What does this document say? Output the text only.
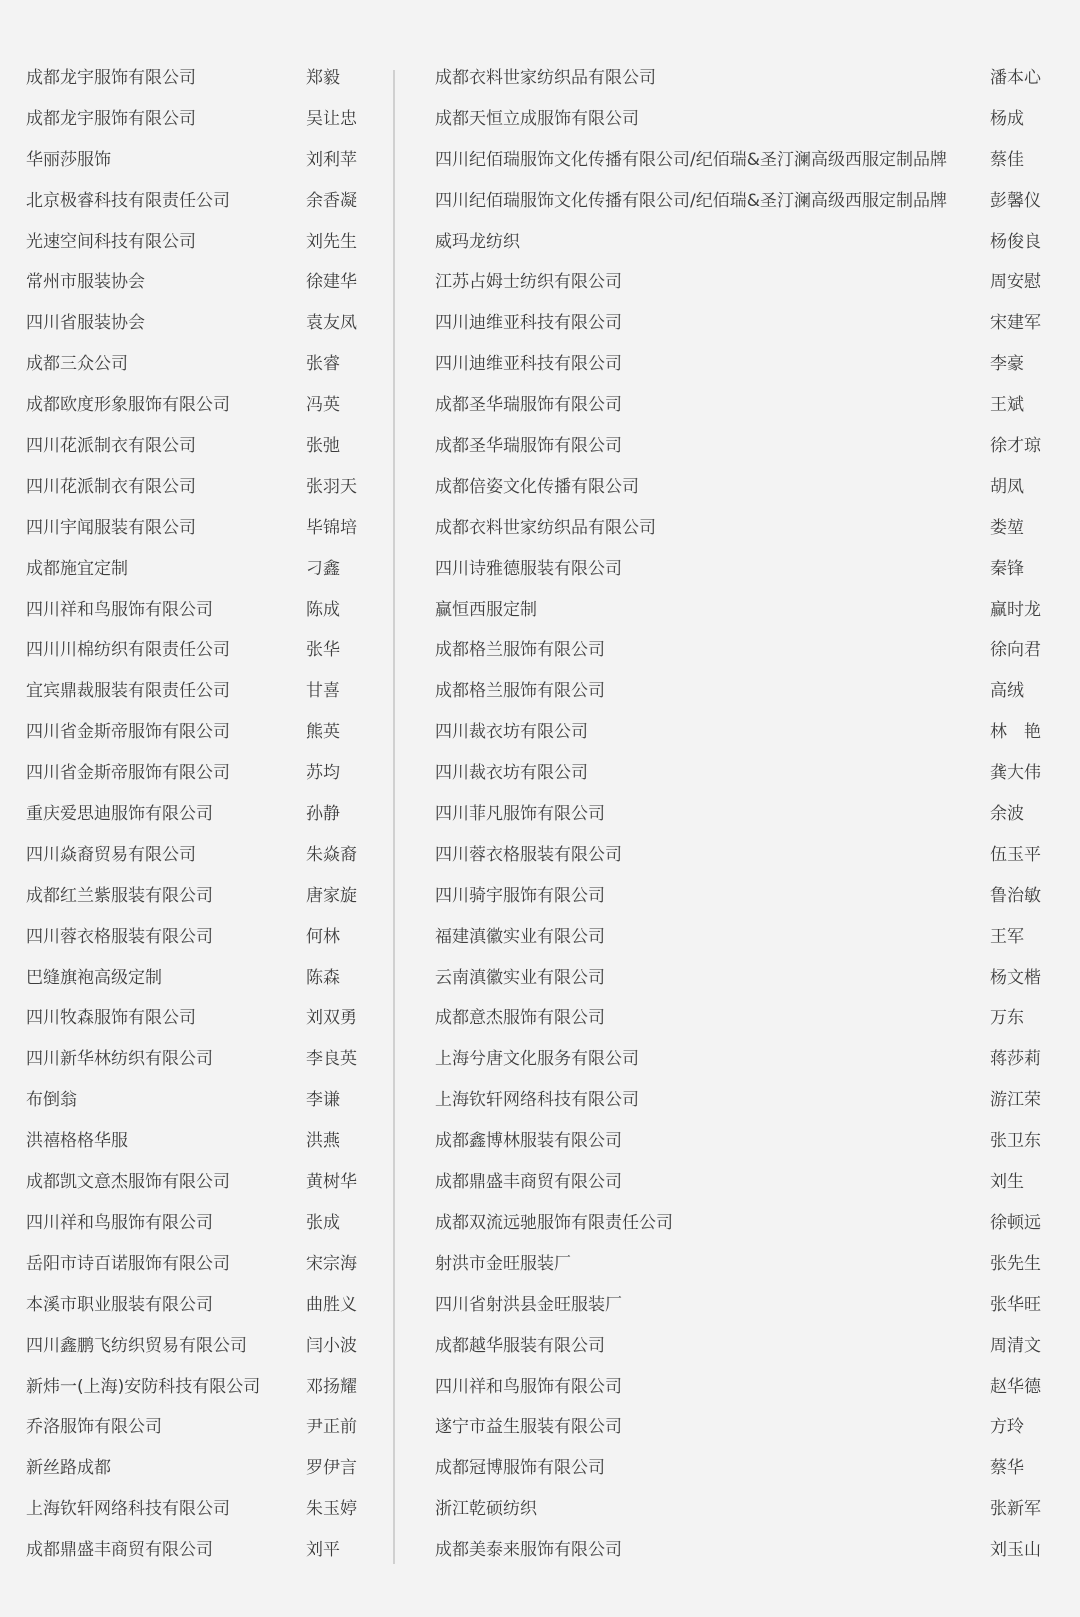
成都龙宇服饰有限公司	郑毅
成都龙宇服饰有限公司	吴让忠
华丽莎服饰	刘利苹
北京极睿科技有限责任公司	余香凝
光速空间科技有限公司	刘先生
常州市服装协会	徐建华
四川省服装协会	袁友凤
成都三众公司	张睿
成都欧度形象服饰有限公司	冯英
四川花派制衣有限公司	张弛
四川花派制衣有限公司	张羽天
四川宇闻服装有限公司	毕锦培
成都施宜定制	刁鑫
四川祥和鸟服饰有限公司	陈成
四川川棉纺织有限责任公司	张华
宜宾鼎裁服装有限责任公司	甘喜
四川省金斯帝服饰有限公司	熊英
四川省金斯帝服饰有限公司	苏均
重庆爱思迪服饰有限公司	孙静
四川焱裔贸易有限公司	朱焱裔
成都红兰紫服装有限公司	唐家旋
四川蓉衣格服装有限公司	何林
巴缝旗袍高级定制	陈森
四川牧森服饰有限公司	刘双勇
四川新华林纺织有限公司	李良英
布倒翁	李谦
洪禧格格华服	洪燕
成都凯文意杰服饰有限公司	黄树华
四川祥和鸟服饰有限公司	张成
岳阳市诗百诺服饰有限公司	宋宗海
本溪市职业服装有限公司	曲胜义
四川鑫鹏飞纺织贸易有限公司	闫小波
新炜一(上海)安防科技有限公司	邓扬耀
乔洛服饰有限公司	尹正前
新丝路成都	罗伊言
上海钦轩网络科技有限公司	朱玉婷
成都鼎盛丰商贸有限公司	刘平
成都衣料世家纺织品有限公司	潘本心
成都天恒立成服饰有限公司	杨成
四川纪佰瑞服饰文化传播有限公司/纪佰瑞&圣汀澜高级西服定制品牌	蔡佳
四川纪佰瑞服饰文化传播有限公司/纪佰瑞&圣汀澜高级西服定制品牌	彭馨仪
威玛龙纺织	杨俊良
江苏占姆士纺织有限公司	周安慰
四川迪维亚科技有限公司	宋建军
四川迪维亚科技有限公司	李豪
成都圣华瑞服饰有限公司	王斌
成都圣华瑞服饰有限公司	徐才琼
成都倍姿文化传播有限公司	胡凤
成都衣料世家纺织品有限公司	娄堃
四川诗雅德服装有限公司	秦锋
赢恒西服定制	赢时龙
成都格兰服饰有限公司	徐向君
成都格兰服饰有限公司	高绒
四川裁衣坊有限公司	林　艳
四川裁衣坊有限公司	龚大伟
四川菲凡服饰有限公司	余波
四川蓉衣格服装有限公司	伍玉平
四川骑宇服饰有限公司	鲁治敏
福建滇徽实业有限公司	王军
云南滇徽实业有限公司	杨文楷
成都意杰服饰有限公司	万东
上海兮唐文化服务有限公司	蒋莎莉
上海钦轩网络科技有限公司	游江荣
成都鑫博林服装有限公司	张卫东
成都鼎盛丰商贸有限公司	刘生
成都双流远驰服饰有限责任公司	徐顿远
射洪市金旺服装厂	张先生
四川省射洪县金旺服装厂	张华旺
成都越华服装有限公司	周清文
四川祥和鸟服饰有限公司	赵华德
遂宁市益生服装有限公司	方玲
成都冠博服饰有限公司	蔡华
浙江乾硕纺织	张新军
成都美泰来服饰有限公司	刘玉山
